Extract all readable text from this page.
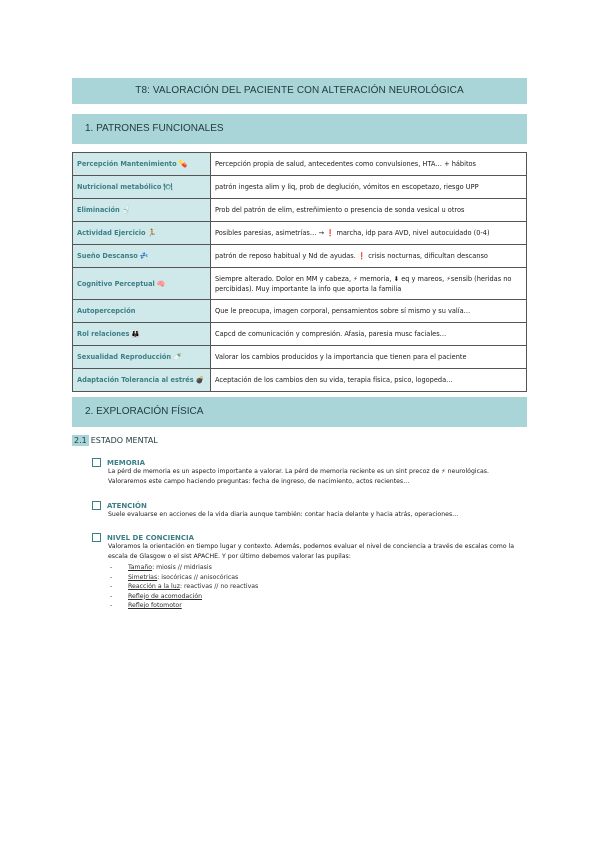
T8: VALORACIÓN DEL PACIENTE CON ALTERACIÓN NEUROLÓGICA
1. PATRONES FUNCIONALES
Percepción Mantenimiento 💊	Percepción propia de salud, antecedentes como convulsiones, HTA… + hábitos
Nutricional metabólico 🍽	patrón ingesta alim y liq, prob de deglución, vómitos en escopetazo, riesgo UPP
Eliminación 🚽	Prob del patrón de elim, estreñimiento o presencia de sonda vesical u otros
Actividad Ejercicio 🏃	Posibles paresias, asimetrías… → ❗ marcha, idp para AVD, nivel autocuidado (0-4)
Sueño Descanso 💤	patrón de reposo habitual y Nd de ayudas. ❗ crisis nocturnas, dificultan descanso
Cognitivo Perceptual 🧠	Siempre alterado. Dolor en MM y cabeza, ⚡ memoria, ⬇ eq y mareos, ⚡sensib (heridas no percibidas). Muy importante la info que aporta la familia
Autopercepción	Que le preocupa, imagen corporal, pensamientos sobre sí mismo y su valía…
Rol relaciones 👪	Capcd de comunicación y compresión. Afasia, paresia musc faciales…
Sexualidad Reproducción 🍼	Valorar los cambios producidos y la importancia que tienen para el paciente
Adaptación Tolerancia al estrés 💣	Aceptación de los cambios den su vida, terapia física, psico, logopeda…
2. EXPLORACIÓN FÍSICA
2.1 ESTADO MENTAL
MEMORIA
La pérd de memoria es un aspecto importante a valorar. La pérd de memoria reciente es un sint precoz de ⚡ neurológicas. Valoraremos este campo haciendo preguntas: fecha de ingreso, de nacimiento, actos recientes…
ATENCIÓN
Suele evaluarse en acciones de la vida diaria aunque también: contar hacia delante y hacia atrás, operaciones…
NIVEL DE CONCIENCIA
Valoramos la orientación en tiempo lugar y contexto. Además, podemos evaluar el nivel de conciencia a través de escalas como la escala de Glasgow o el sist APACHE. Y por último debemos valorar las pupilas:
-	Tamaño: miosis // midriasis
-	Simetrías: isocóricas // anisocóricas
-	Reacción a la luz: reactivas // no reactivas
-	Reflejo de acomodación
-	Reflejo fotomotor
